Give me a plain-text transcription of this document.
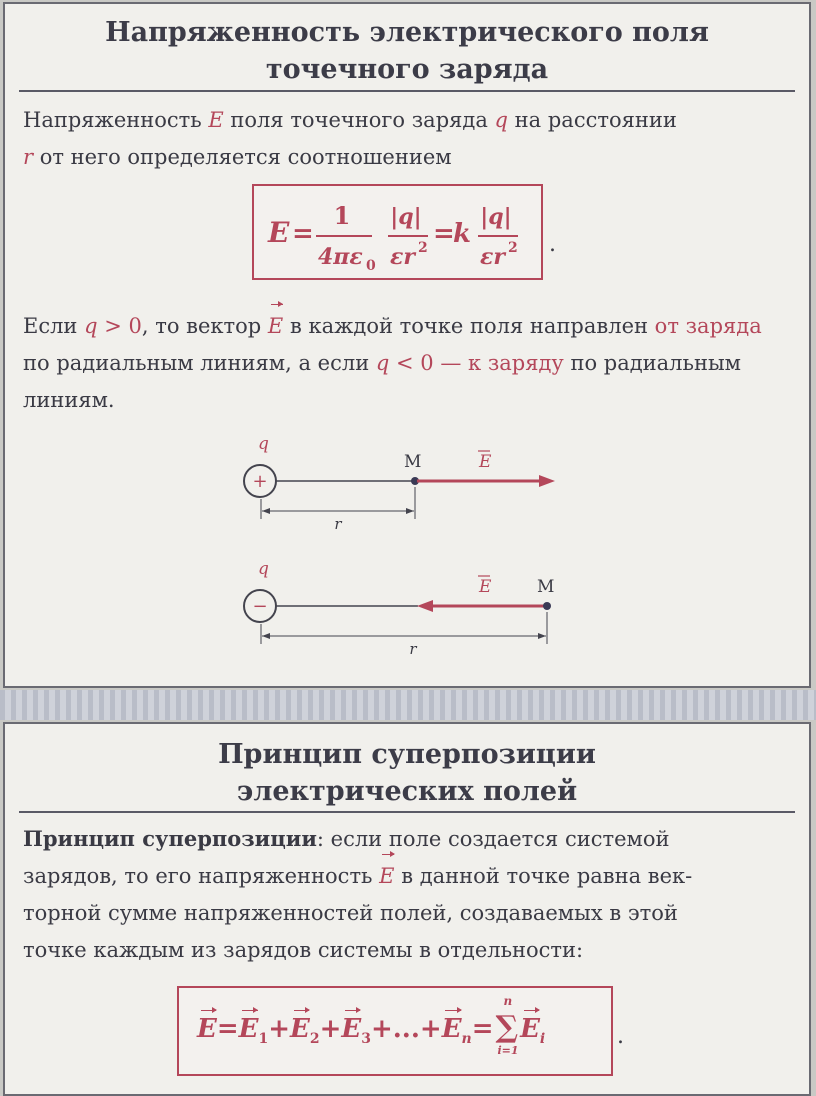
Напряженность электрического поля
точечного заряда
Напряженность E поля точечного заряда q на расстоянии
r от него определяется соотношением
E =
1
4πε 0
|q|
εr 2 =
k
|q|
εr 2 .
Если q > 0, то вектор E в каждой точке поля направлен от заряда по радиальным линиям, а если q < 0 — к заряду по радиальным линиям.
q
+
M	E
r
q
−
M
E
r
Принцип суперпозиции
электрических полей
Принцип суперпозиции: если поле создается системой
зарядов, то его напряженность E в данной точке равна век-
торной сумме напряженностей полей, создаваемых в этой
точке каждым из зарядов системы в отдельности:
$E=E_1+E_2+E_3+...+E_n=\sum$
n
i=1
$E_i$	.
